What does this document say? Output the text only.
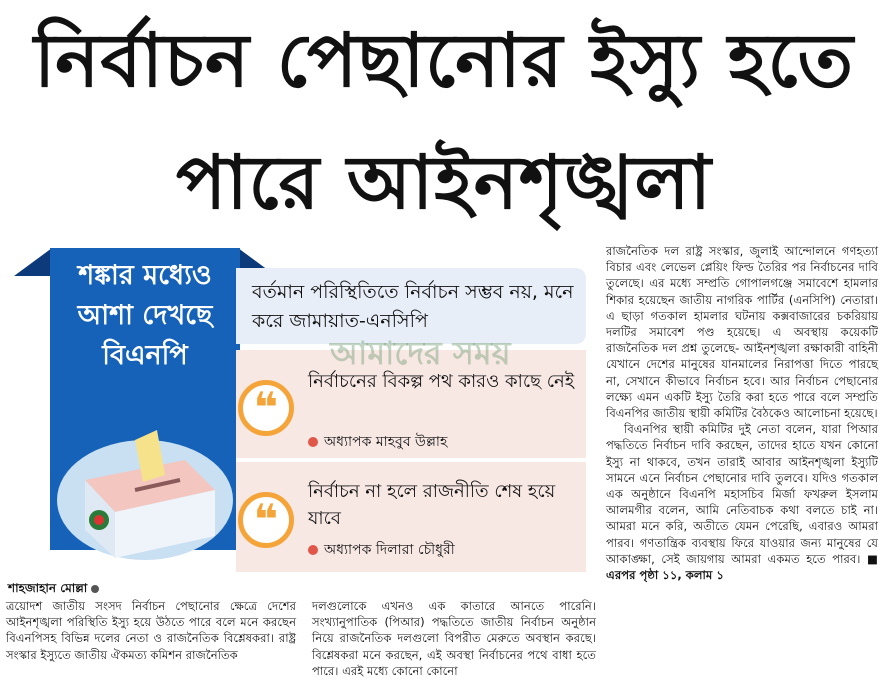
নির্বাচন পেছানোর ইস্যু হতে
পারে আইনশৃঙ্খলা
শঙ্কার মধ্যেও আশা দেখছে বিএনপি
বর্তমান পরিস্থিতিতে নির্বাচন সম্ভব নয়, মনে করে জামায়াত-এনসিপি
আমাদের সময়
❝
নির্বাচনের বিকল্প পথ কারও কাছে নেই
অধ্যাপক মাহবুব উল্লাহ
❝
নির্বাচন না হলে রাজনীতি শেষ হয়ে যাবে
অধ্যাপক দিলারা চৌধুরী
শাহজাহান মোল্লা
ত্রয়োদশ জাতীয় সংসদ নির্বাচন পেছানোর ক্ষেত্রে দেশের আইনশৃঙ্খলা পরিস্থিতি ইস্যু হয়ে উঠতে পারে বলে মনে করছেন বিএনপিসহ বিভিন্ন দলের নেতা ও রাজনৈতিক বিশ্লেষকরা। রাষ্ট্র সংস্কার ইস্যুতে জাতীয় ঐকমত্য কমিশন রাজনৈতিক
দলগুলোকে এখনও এক কাতারে আনতে পারেনি। সংখ্যানুপাতিক (পিআর) পদ্ধতিতে জাতীয় নির্বাচন অনুষ্ঠান নিয়ে রাজনৈতিক দলগুলো বিপরীত মেরুতে অবস্থান করছে। বিশ্লেষকরা মনে করছেন, এই অবস্থা নির্বাচনের পথে বাধা হতে পারে। এরই মধ্যে কোনো কোনো
রাজনৈতিক দল রাষ্ট্র সংস্কার, জুলাই আন্দোলনে গণহত্যা বিচার এবং লেভেল প্লেয়িং ফিল্ড তৈরির পর নির্বাচনের দাবি তুলেছে। এর মধ্যে সম্প্রতি গোপালগঞ্জে সমাবেশে হামলার শিকার হয়েছেন জাতীয় নাগরিক পার্টির (এনসিপি) নেতারা। এ ছাড়া গতকাল হামলার ঘটনায় কক্সবাজারের চকরিয়ায় দলটির সমাবেশ পণ্ড হয়েছে। এ অবস্থায় কয়েকটি রাজনৈতিক দল প্রশ্ন তুলেছে- আইনশৃঙ্খলা রক্ষাকারী বাহিনী যেখানে দেশের মানুষের যানমালের নিরাপত্তা দিতে পারছে না, সেখানে কীভাবে নির্বাচন হবে। আর নির্বাচন পেছানোর লক্ষ্যে এমন একটি ইস্যু তৈরি করা হতে পারে বলে সম্প্রতি বিএনপির জাতীয় স্থায়ী কমিটির বৈঠকেও আলোচনা হয়েছে।
বিএনপির স্থায়ী কমিটির দুই নেতা বলেন, যারা পিআর পদ্ধতিতে নির্বাচন দাবি করছেন, তাদের হাতে যখন কোনো ইস্যু না থাকবে, তখন তারাই আবার আইনশৃঙ্খলা ইস্যুটি সামনে এনে নির্বাচন পেছানোর দাবি তুলবে। যদিও গতকাল এক অনুষ্ঠানে বিএনপি মহাসচিব মির্জা ফখরুল ইসলাম আলমগীর বলেন, আমি নেতিবাচক কথা বলতে চাই না। আমরা মনে করি, অতীতে যেমন পেরেছি, এবারও আমরা পারব। গণতান্ত্রিক ব্যবস্থায় ফিরে যাওয়ার জন্য মানুষের যে আকাঙ্ক্ষা, সেই জায়গায় আমরা একমত হতে পারব। ■ এরপর পৃষ্ঠা ১১, কলাম ১
